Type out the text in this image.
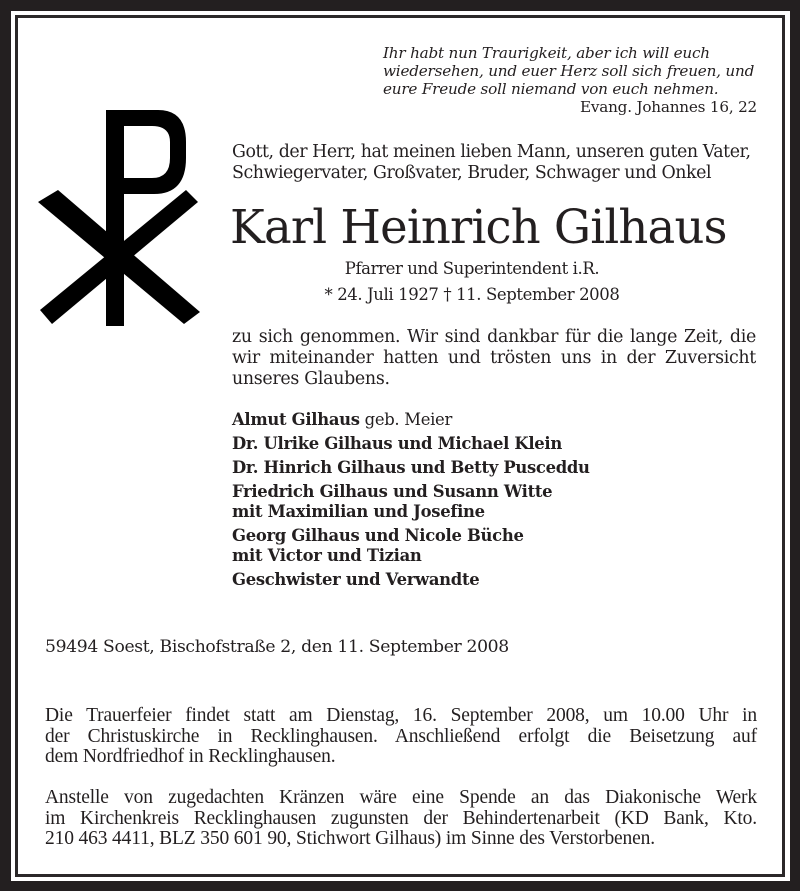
Ihr habt nun Traurigkeit, aber ich will euch
wiedersehen, und euer Herz soll sich freuen, und
eure Freude soll niemand von euch nehmen.
Evang. Johannes 16, 22
Gott, der Herr, hat meinen lieben Mann, unseren guten Vater,
Schwiegervater, Großvater, Bruder, Schwager und Onkel
Karl Heinrich Gilhaus
Pfarrer und Superintendent i.R.
* 24. Juli 1927 † 11. September 2008
zu sich genommen. Wir sind dankbar für die lange Zeit, die
wir miteinander hatten und trösten uns in der Zuversicht
unseres Glaubens.
Almut Gilhaus geb. Meier
Dr. Ulrike Gilhaus und Michael Klein
Dr. Hinrich Gilhaus und Betty Pusceddu
Friedrich Gilhaus und Susann Witte
mit Maximilian und Josefine
Georg Gilhaus und Nicole Büche
mit Victor und Tizian
Geschwister und Verwandte
59494 Soest, Bischofstraße 2, den 11. September 2008
Die Trauerfeier findet statt am Dienstag, 16. September 2008, um 10.00 Uhr in
der Christuskirche in Recklinghausen. Anschließend erfolgt die Beisetzung auf
dem Nordfriedhof in Recklinghausen.
Anstelle von zugedachten Kränzen wäre eine Spende an das Diakonische Werk
im Kirchenkreis Recklinghausen zugunsten der Behindertenarbeit (KD Bank, Kto.
210 463 4411, BLZ 350 601 90, Stichwort Gilhaus) im Sinne des Verstorbenen.
